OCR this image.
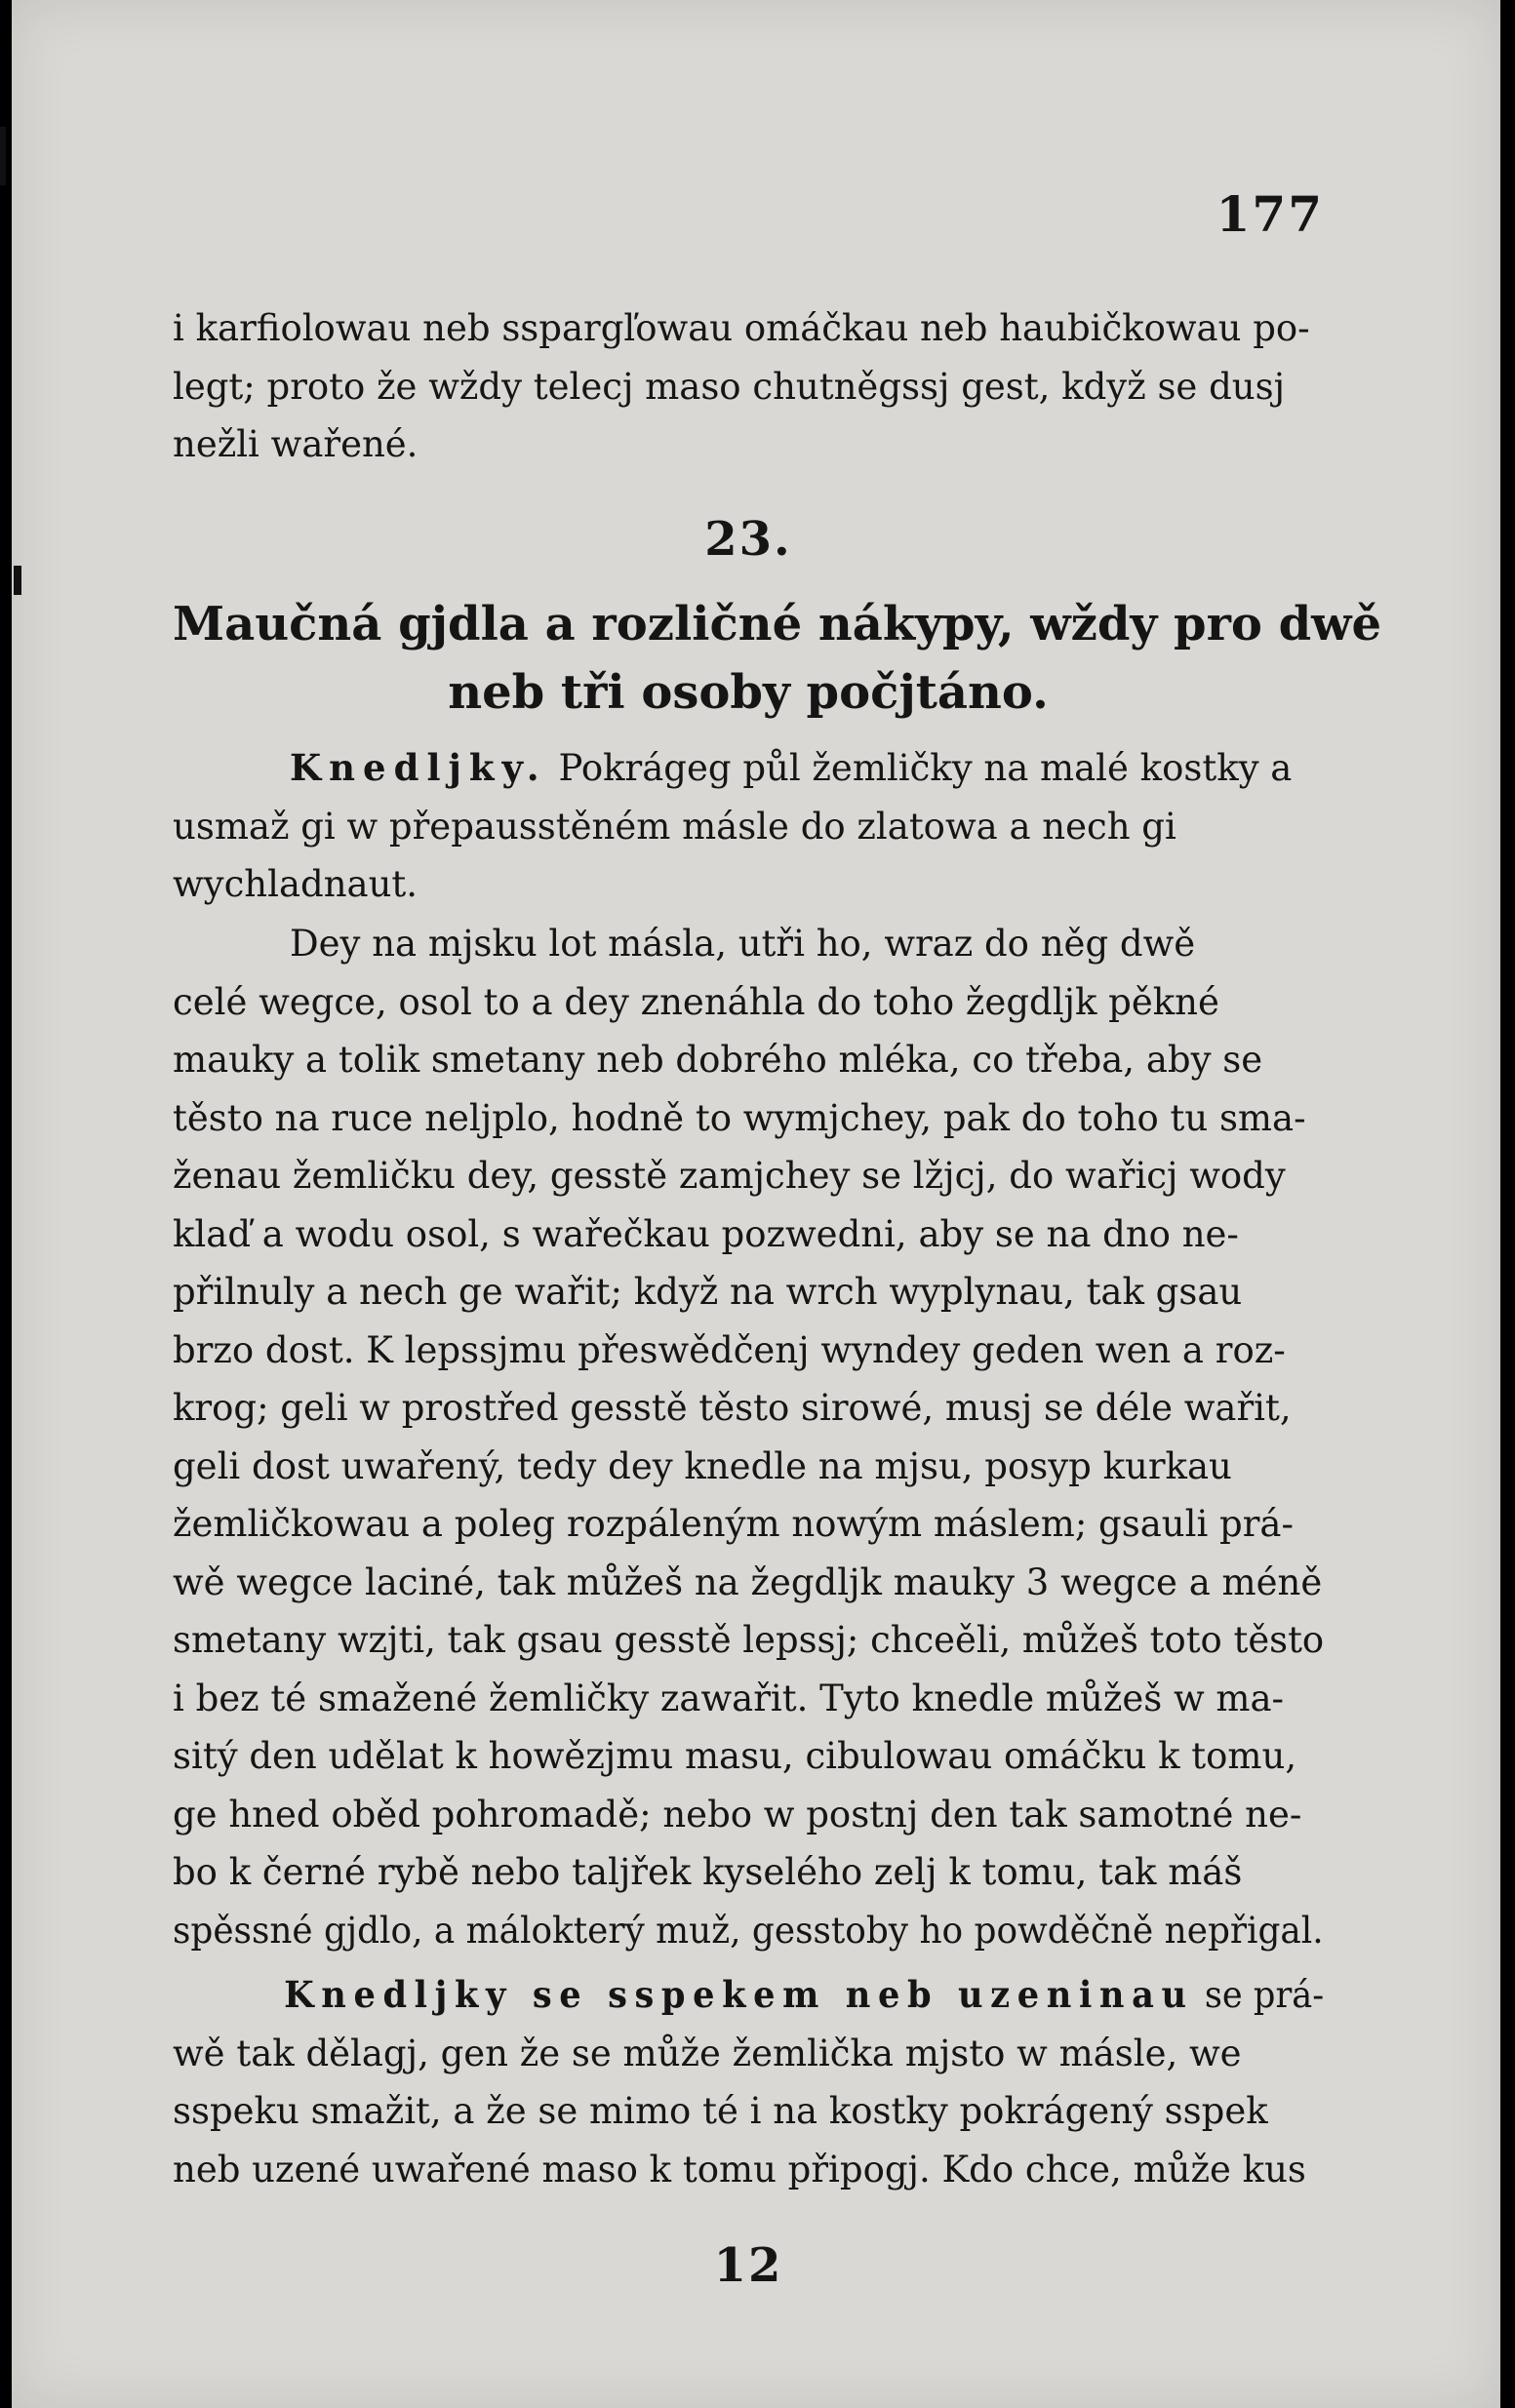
177

i karfiolowau neb sspargľowau omáčkau neb haubičkowau po-
legt; proto že wždy telecj maso chutněgssj gest, když se dusj
nežli wařené.

23.
Maučná gjdla a rozličné nákypy, wždy pro dwě
neb tři osoby počjtáno.

Knedljky. Pokrágeg půl žemličky na malé kostky a
usmaž gi w přepausstěném másle do zlatowa a nech gi
wychladnaut.

Dey na mjsku lot másla, utři ho, wraz do něg dwě
celé wegce, osol to a dey znenáhla do toho žegdljk pěkné
mauky a tolik smetany neb dobrého mléka, co třeba, aby se
těsto na ruce neljplo, hodně to wymjchey, pak do toho tu sma-
ženau žemličku dey, gesstě zamjchey se lžjcj, do wařicj wody
klaď a wodu osol, s wařečkau pozwedni, aby se na dno ne-
přilnuly a nech ge wařit; když na wrch wyplynau, tak gsau
brzo dost. K lepssjmu přeswědčenj wyndey geden wen a roz-
krog; geli w prostřed gesstě těsto sirowé, musj se déle wařit,
geli dost uwařený, tedy dey knedle na mjsu, posyp kurkau
žemličkowau a poleg rozpáleným nowým máslem; gsauli prá-
wě wegce laciné, tak můžeš na žegdljk mauky 3 wegce a méně
smetany wzjti, tak gsau gesstě lepssj; chceěli, můžeš toto těsto
i bez té smažené žemličky zawařit. Tyto knedle můžeš w ma-
sitý den udělat k howězjmu masu, cibulowau omáčku k tomu,
ge hned oběd pohromadě; nebo w postnj den tak samotné ne-
bo k černé rybě nebo taljřek kyselého zelj k tomu, tak máš
spěssné gjdlo, a málokterý muž, gesstoby ho powděčně nepřigal.

Knedljky se sspekem neb uzeninau se prá-
wě tak dělagj, gen že se může žemlička mjsto w másle, we
sspeku smažit, a že se mimo té i na kostky pokrágený sspek
neb uzené uwařené maso k tomu připogj. Kdo chce, může kus

12
